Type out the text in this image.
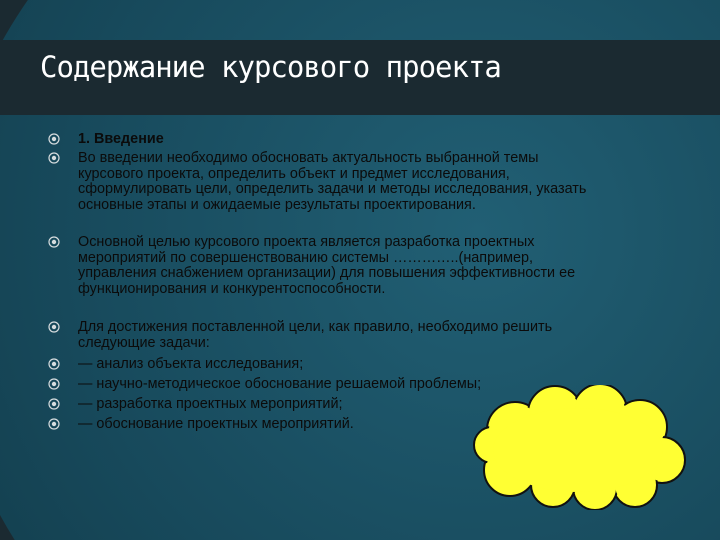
Содержание курсового проекта
1. Введение
Во введении необходимо обосновать актуальность выбранной темы курсового проекта, определить объект и предмет исследования, сформулировать цели, определить задачи и методы исследования, указать основные этапы и ожидаемые результаты проектирования.
Основной целью курсового проекта является разработка проектных мероприятий по совершенствованию системы …………..(например, управления снабжением организации) для повышения эффективности ее функционирования и конкурентоспособности.
Для достижения поставленной цели, как правило, необходимо решить следующие задачи:
— анализ объекта исследования;
— научно-методическое обоснование решаемой проблемы;
— разработка проектных мероприятий;
— обоснование проектных мероприятий.
